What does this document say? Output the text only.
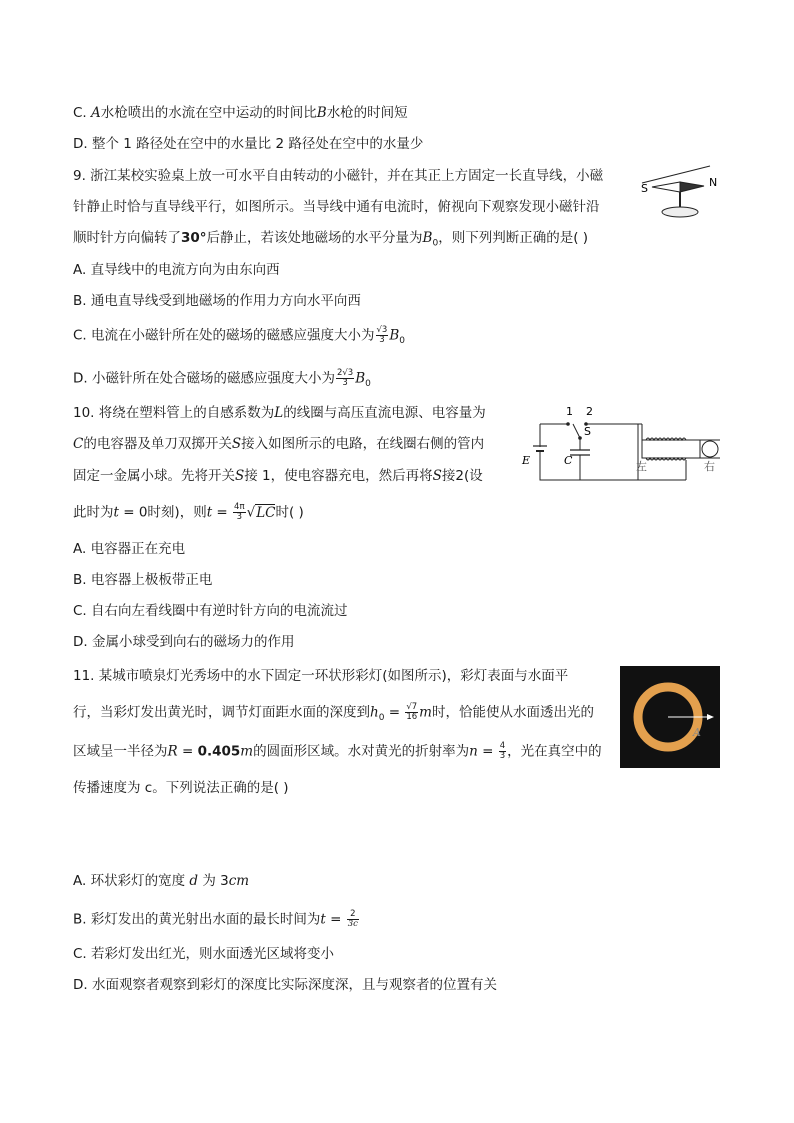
C. A水枪喷出的水流在空中运动的时间比B水枪的时间短
D. 整个 1 路径处在空中的水量比 2 路径处在空中的水量少
9. 浙江某校实验桌上放一可水平自由转动的小磁针，并在其正上方固定一长直导线，小磁
针静止时恰与直导线平行，如图所示。当导线中通有电流时，俯视向下观察发现小磁针沿
顺时针方向偏转了30°后静止，若该处地磁场的水平分量为$B_0$，则下列判断正确的是( )
A. 直导线中的电流方向为由东向西
B. 通电直导线受到地磁场的作用力方向水平向西
C. 电流在小磁针所在处的磁场的磁感应强度大小为 $\frac{√3}{3} B_0$
D. 小磁针所在处合磁场的磁感应强度大小为 $\frac{2√3}{3} B_0$
S	N
10. 将绕在塑料管上的自感系数为L的线圈与高压直流电源、电容量为
C的电容器及单刀双掷开关S接入如图所示的电路，在线圈右侧的管内
固定一金属小球。先将开关S接 1，使电容器充电，然后再将S接2(设
此时为t = 0时刻)，则$t = \frac{4\pi}{3} √LC$时( )
A. 电容器正在充电
B. 电容器上极板带正电
C. 自右向左看线圈中有逆时针方向的电流流过
D. 金属小球受到向右的磁场力的作用
1 2
S
E	C	左	右
11. 某城市喷泉灯光秀场中的水下固定一环状形彩灯(如图所示)，彩灯表面与水面平
行，当彩灯发出黄光时，调节灯面距水面的深度到$h_0 = \frac{√7}{16}$ m时，恰能使从水面透出光的
区域呈一半径为R = 0.405m的圆面形区域。水对黄光的折射率为$n = \frac{4}{3}$ ，光在真空中的
传播速度为 c。下列说法正确的是( )
A. 环状彩灯的宽度 d 为 3cm
B. 彩灯发出的黄光射出水面的最长时间为$t = \frac{2}{3c}$
C. 若彩灯发出红光，则水面透光区域将变小
D. 水面观察者观察到彩灯的深度比实际深度深，且与观察者的位置有关
A
